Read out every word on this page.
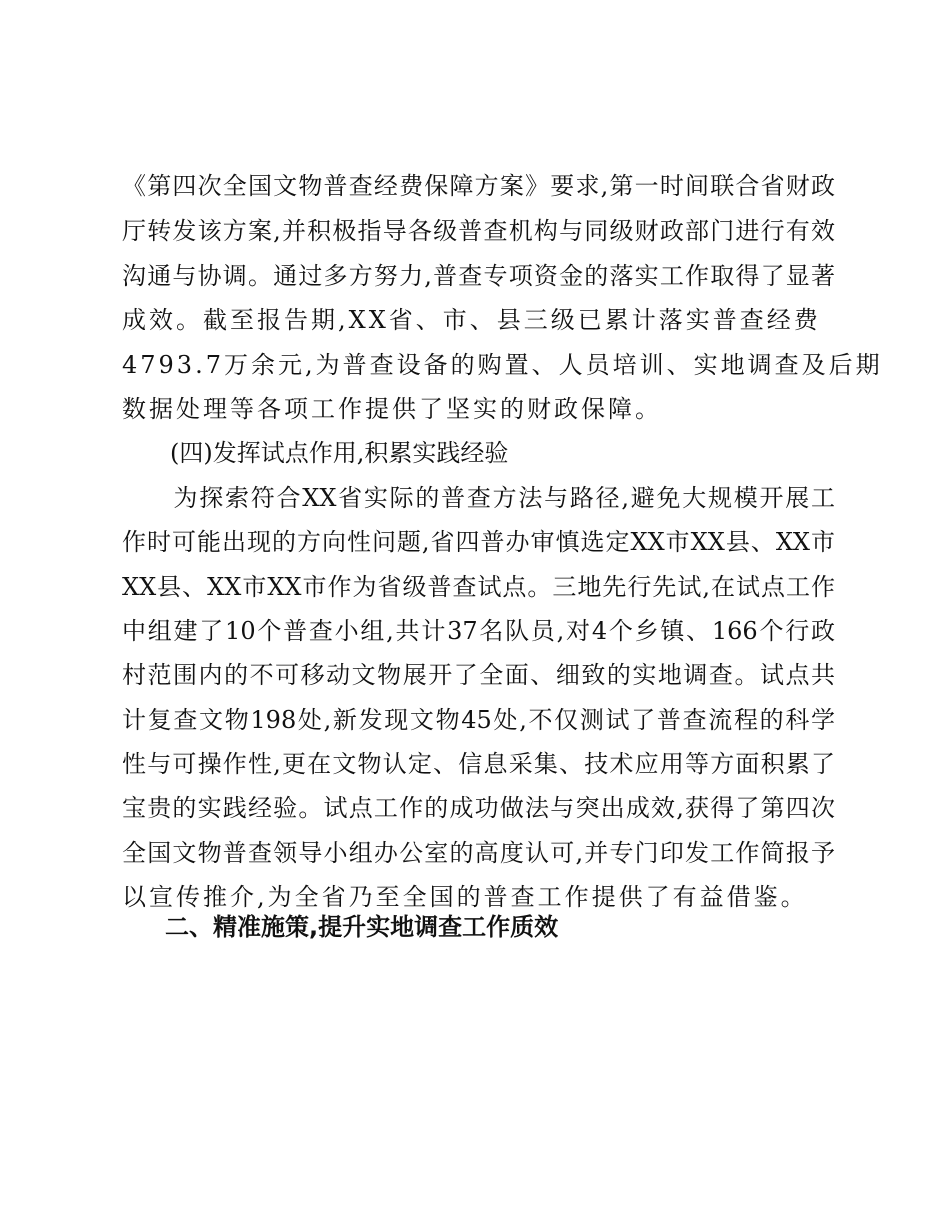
《第四次全国文物普查经费保障方案》要求,第一时间联合省财政
厅转发该方案,并积极指导各级普查机构与同级财政部门进行有效
沟通与协调。通过多方努力,普查专项资金的落实工作取得了显著
成效。截至报告期,XX省、市、县三级已累计落实普查经费
4793.7万余元,为普查设备的购置、人员培训、实地调查及后期
数据处理等各项工作提供了坚实的财政保障。
(四)发挥试点作用,积累实践经验
　　为探索符合XX省实际的普查方法与路径,避免大规模开展工
作时可能出现的方向性问题,省四普办审慎选定XX市XX县、XX市
XX县、XX市XX市作为省级普查试点。三地先行先试,在试点工作
中组建了10个普查小组,共计37名队员,对4个乡镇、166个行政
村范围内的不可移动文物展开了全面、细致的实地调查。试点共
计复查文物198处,新发现文物45处,不仅测试了普查流程的科学
性与可操作性,更在文物认定、信息采集、技术应用等方面积累了
宝贵的实践经验。试点工作的成功做法与突出成效,获得了第四次
全国文物普查领导小组办公室的高度认可,并专门印发工作简报予
以宣传推介,为全省乃至全国的普查工作提供了有益借鉴。
二、精准施策,提升实地调查工作质效
